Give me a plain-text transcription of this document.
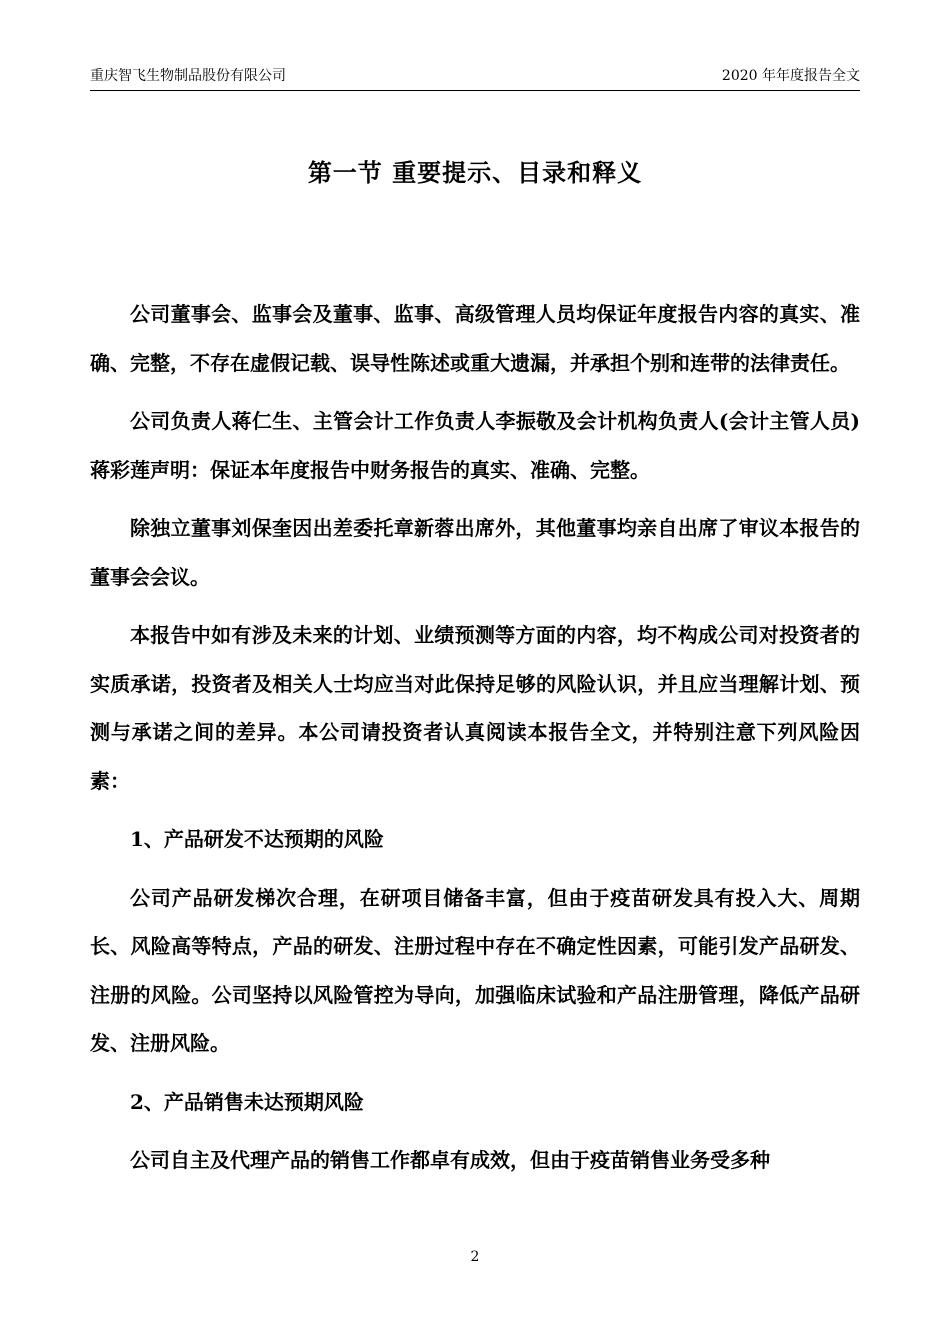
重庆智飞生物制品股份有限公司	2020 年年度报告全文
第一节 重要提示、目录和释义

公司董事会、监事会及董事、监事、高级管理人员均保证年度报告内容的真实、准确、完整，不存在虚假记载、误导性陈述或重大遗漏，并承担个别和连带的法律责任。

公司负责人蒋仁生、主管会计工作负责人李振敬及会计机构负责人(会计主管人员)蒋彩莲声明：保证本年度报告中财务报告的真实、准确、完整。

除独立董事刘保奎因出差委托章新蓉出席外，其他董事均亲自出席了审议本报告的董事会会议。

本报告中如有涉及未来的计划、业绩预测等方面的内容，均不构成公司对投资者的实质承诺，投资者及相关人士均应当对此保持足够的风险认识，并且应当理解计划、预测与承诺之间的差异。本公司请投资者认真阅读本报告全文，并特别注意下列风险因素：

1、产品研发不达预期的风险

公司产品研发梯次合理，在研项目储备丰富，但由于疫苗研发具有投入大、周期长、风险高等特点，产品的研发、注册过程中存在不确定性因素，可能引发产品研发、注册的风险。公司坚持以风险管控为导向，加强临床试验和产品注册管理，降低产品研发、注册风险。

2、产品销售未达预期风险

公司自主及代理产品的销售工作都卓有成效，但由于疫苗销售业务受多种

2
